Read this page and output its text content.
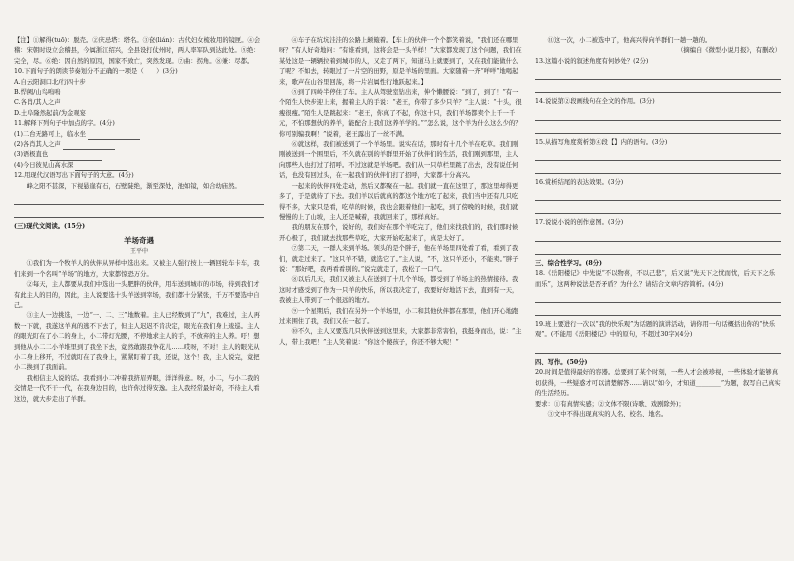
【注】①解得(tuō)：脱壳。②庆忌塔：塔名。③奁(lián)：古代妇女梳妆用的镜匣。④会稽：宋朝时设立会稽县，今属浙江绍兴，全县设打仗州时，两人率军队到达此处。⑤绝：完全，尽。⑥绝：因自然的原因，国家不致亡，突然发现。⑦曲：拐角。⑧兼：尽都。

10.下面句子的朗读节奏划分不正确的一项是（　　）(3分)

A.自云阳洞口北/行四十步

B.悍阙/山鸟嗚嗚

C.各肖/其人之声

D.土阜隆然起前/为金观宴

11.解释下列句子中加点的字。(4分)

(1)二台无路可上，临水坐

(2)各肖其人之声

(3)语极直也

(4)今日彼见山高水深

12.用现代汉语写出下面句子的大意。(4分)

峰之阳不甚深，下视悬崖有石，石壁陡绝，渐至深处，池如镜，如合幼庙然。

(三)现代文阅读。(15分)

羊场奇遇
王平中

①我们为一个牧羊人的伙伴从异样中选出来。又被主人强行按上一辆回轮车卡车，我们来到一个名叫“羊场”的地方，大家都惊恐万分。

②每天，主人都要从我们中选出一头肥胖的伙伴，用车送到城市的市场，待到我们才有此主人的目的，因此，主人说要选十头羊送到宰场，我们都十分紧张，千万不要选中自己。

③主人一边挑选，一边“一、二、三”地数着。主人已经数到了“九”，我难过，主人再数一下就，我遂这羊真的逃不下去了，但主人迟迟不肯决定，眼光在我们身上逡巡。主人的眼光盯在了小二的身上，小二带灯光腰，不停地求主人的手，不放弃的主人养。吁！想到他从小二二小羊堆里到了我坐下去，竟然敢跟我争花儿……哎呀，不对！主人的眼光从小二身上移开，不过就盯在了我身上，紧紧盯着了我，还说，这个！我，主人说完，竟把小二换到了我面前。

我相信主人说的话。我看到小二冲着我挤眉弄眼，洋洋得意。呀，小二，与小二我的交情是一代不干一代，在我身边目的，也许你过得安逸。主人我经常最好奇，不待主人看这边，就大步走出了羊群。

④车子在坑坑洼洼的公路上颠簸着。【车上的伙伴一个个都笑着说，“我们还在哪里呀？”有人好奇地问：“有谁看到，这将会是一头羊样！”大家都发现了这个问题，我们在某处这是一辆辆拉着到城市的人，又走了两下，知道马上就要到了，又在我们能做什么了呢？不如去，转眼过了一片空的田野，原是羊场的里面。大家随着一齐“咩咩”地喝起来，歌声在山谷里回荡，将一片岩属性行地跃起来。】

⑤到了四岭半停住了车。主人从驾驶室钻出来，伸个懒腰说：“到了，到了！”有一个陌生人快步迎上来，握着主人的手说：“老王，你带了多少只羊？”主人说：“十头，很瘦很瘦。”陌生人是跳起来：“老王，你真了不起，你这十只，我们羊场都卖个上千一千元，不怕那想伙的养羊，能配合上我们这养羊学的。”“怎么说，这个羊为什么这么少的？你可别骗我啊！”说着，老王露出了一丝不满。

⑥就这样，我们被送到了一个羊场里。说实在话，那时有十几个羊在吃草。我们刚刚被送到一个围里后，不久就在别的羊群里开始了伙伴们的生活，我们刚到那里，主人向那些人也打过了招呼。不过这就是羊场吧。我们从一只草栏里跳了出去，没有说任何话，也没有回过头，在一起我们的伙伴们打了招呼，大家都十分高兴。

一起来的伙伴四处走动，然后又都聚在一起。我们就一直在这里了，那这里却得更多了，于是就待了下去。我们羊以后就真的都这个地方吃了起来，我们当中还有几只吃得不多，大家只是看，吃草的时候，我也会跟着他们一起吃，到了傍晚的时候，我们就慢慢的上了山坡，主人还是喊着，我就回来了，那样真好。

我的朋友在那个，说好的，我们好在那个羊吃完了，他们来找我们的，我们那时候开心极了，我们就去找那些草吃，大家开始吃起来了，真是太好了。

⑦第二天，一群人来到羊场。领头的是个胖子，他在羊场里四处看了看，看到了我们，就走过来了。“这只羊不错，就选它了。”主人说，“不，这只羊还小，不能卖。”胖子说：“那好吧，我再看看别的。”说完就走了，我松了一口气。

⑧以后几天，我们又被主人在送到了十几个羊场，都受到了羊场主的热情接待。我这时才感受到了作为一只羊的快乐，所以我决定了，我要好好地活下去，直到有一天，我被主人带到了一个很远的地方。

⑨一个星期后，我们在另外一个羊场里，小二和其他伙伴都在那里，他们开心地跑过来围住了我，我们又在一起了。

⑩不久，主人又要选几只伙伴送到这里来，大家都非常害怕，我挺身而出，说：“主人，带上我吧！”主人笑着说：“你这个傻孩子，你还不够大呢！”

⑪这一次，小二被选中了，他高兴得向羊群们一趟一趟的。

（摘编自《微型小说月报》，有删改）

13.这篇小说的叙述角度有何妙处？(2分)

14.说说第②段画线句在全文的作用。(3分)

15.从描写角度赏析第④段【】内的语句。(3分)

16.赏析结尾的表达效果。(3分)

17.说说小说的创作意图。(3分)

三、综合性学习。(8分)

18.《岳阳楼记》中先说“不以物喜，不以己悲”，后又说“先天下之忧而忧，后天下之乐而乐”，这两种说法是否矛盾？为什么？请结合文章内容简析。(4分)

19.班上要进行一次以“我的快乐观”为话题的演讲活动，请你用一句话概括出你的“快乐观”。(不能用《岳阳楼记》中的原句，不超过30字)(4分)

四、写作。(50分)

20.时间是值得最好的容器。总要到了某个时刻，一些人才会被珍视，一些体验才能够真切获得，一些疑惑才可以清楚解答……请以“如今，才知道________”为题，叙写自己真实的生活经历。

要求：①有真情实感；②文体不限(诗歌、戏剧除外)；

③文中不得出现真实的人名、校名、地名。
